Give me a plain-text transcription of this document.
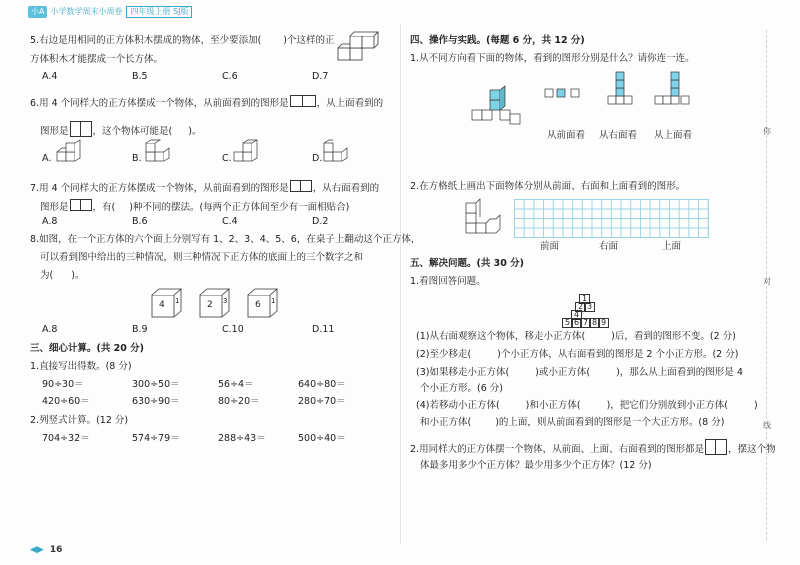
小A 小学数学周末小周卷 四年级上册 SJ版
你
对
线
5.右边是用相同的正方体积木摆成的物体，至少要添加( )个这样的正
方体积木才能摆成一个长方体。
A.4	B.5	C.6	D.7
6.用 4 个同样大的正方体摆成一个物体，从前面看到的图形是	，从上面看到的
图形是	，这个物体可能是( )。
A.	B.	C.	D.
7.用 4 个同样大的正方体摆成一个物体，从前面看到的图形是	，从右面看到的
图形是	，有( )种不同的摆法。(每两个正方体间至少有一面相贴合)
A.8	B.6	C.4	D.2
8.如图，在一个正方体的六个面上分别写有 1、2、3、4、5、6，在桌子上翻动这个正方体，
可以看到图中给出的三种情况，则三种情况下正方体的底面上的三个数字之和
为( )。
4 1	2 3	6 1
A.8	B.9	C.10	D.11
三、细心计算。(共 20 分)
1.直接写出得数。(8 分)
90÷30＝	300÷50＝	56÷4＝	640÷80＝
420÷60＝	630÷90＝	80÷20＝	280÷70＝
2.列竖式计算。(12 分)
704÷32＝	574÷79＝	288÷43＝	500÷40＝
◀▶ 16
四、操作与实践。(每题 6 分，共 12 分)
1.从不同方向看下面的物体，看到的图形分别是什么？请你连一连。
从前面看 从右面看 从上面看
2.在方格纸上画出下面物体分别从前面、右面和上面看到的图形。
前面	右面	上面
五、解决问题。(共 30 分)
1.看图回答问题。
1
2 3
4
5 6 7 8 9
(1)从右面观察这个物体，移走小正方体(	)后，看到的图形不变。(2 分)
(2)至少移走(	)个小正方体，从右面看到的图形是 2 个小正方形。(2 分)
(3)如果移走小正方体(	)或小正方体(	)，那么从上面看到的图形是 4
个小正方形。(6 分)
(4)若移动小正方体(	)和小正方体(	)，把它们分别放到小正方体(	)
和小正方体(	)的上面，则从前面看到的图形是一个大正方形。(8 分)
2.用同样大的正方体摆一个物体，从前面、上面、右面看到的图形都是	，摆这个物
体最多用多少个正方体？最少用多少个正方体？(12 分)
